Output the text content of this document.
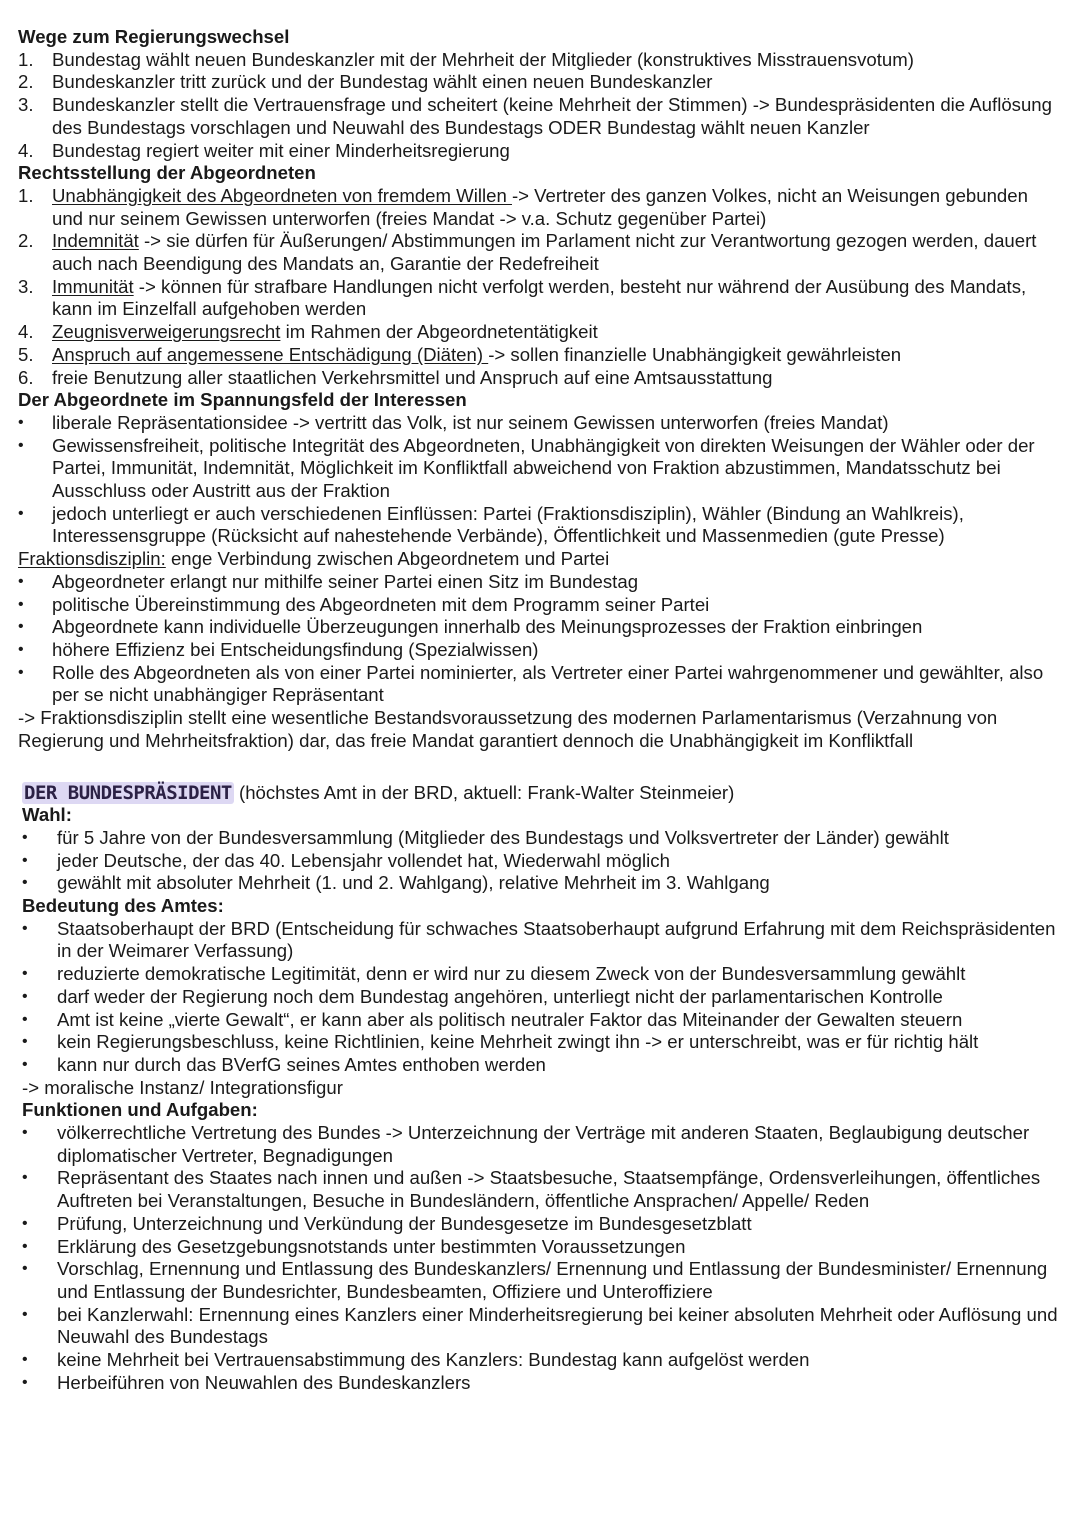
Wege zum Regierungswechsel
1. Bundestag wählt neuen Bundeskanzler mit der Mehrheit der Mitglieder (konstruktives Misstrauensvotum)
2. Bundeskanzler tritt zurück und der Bundestag wählt einen neuen Bundeskanzler
3. Bundeskanzler stellt die Vertrauensfrage und scheitert (keine Mehrheit der Stimmen) -> Bundespräsidenten die Auflösung des Bundestags vorschlagen und Neuwahl des Bundestags ODER Bundestag wählt neuen Kanzler
4. Bundestag regiert weiter mit einer Minderheitsregierung
Rechtsstellung der Abgeordneten
1. Unabhängigkeit des Abgeordneten von fremdem Willen -> Vertreter des ganzen Volkes, nicht an Weisungen gebunden und nur seinem Gewissen unterworfen (freies Mandat -> v.a. Schutz gegenüber Partei)
2. Indemnität -> sie dürfen für Äußerungen/ Abstimmungen im Parlament nicht zur Verantwortung gezogen werden, dauert auch nach Beendigung des Mandats an, Garantie der Redefreiheit
3. Immunität -> können für strafbare Handlungen nicht verfolgt werden, besteht nur während der Ausübung des Mandats, kann im Einzelfall aufgehoben werden
4. Zeugnisverweigerungsrecht im Rahmen der Abgeordnetentätigkeit
5. Anspruch auf angemessene Entschädigung (Diäten) -> sollen finanzielle Unabhängigkeit gewährleisten
6. freie Benutzung aller staatlichen Verkehrsmittel und Anspruch auf eine Amtsausstattung
Der Abgeordnete im Spannungsfeld der Interessen
•	liberale Repräsentationsidee -> vertritt das Volk, ist nur seinem Gewissen unterworfen (freies Mandat)
•	Gewissensfreiheit, politische Integrität des Abgeordneten, Unabhängigkeit von direkten Weisungen der Wähler oder der Partei, Immunität, Indemnität, Möglichkeit im Konfliktfall abweichend von Fraktion abzustimmen, Mandatsschutz bei Ausschluss oder Austritt aus der Fraktion
•	jedoch unterliegt er auch verschiedenen Einflüssen: Partei (Fraktionsdisziplin), Wähler (Bindung an Wahlkreis), Interessensgruppe (Rücksicht auf nahestehende Verbände), Öffentlichkeit und Massenmedien (gute Presse)
Fraktionsdisziplin: enge Verbindung zwischen Abgeordnetem und Partei
•	Abgeordneter erlangt nur mithilfe seiner Partei einen Sitz im Bundestag
•	politische Übereinstimmung des Abgeordneten mit dem Programm seiner Partei
•	Abgeordnete kann individuelle Überzeugungen innerhalb des Meinungsprozesses der Fraktion einbringen
•	höhere Effizienz bei Entscheidungsfindung (Spezialwissen)
•	Rolle des Abgeordneten als von einer Partei nominierter, als Vertreter einer Partei wahrgenommener und gewählter, also per se nicht unabhängiger Repräsentant
-> Fraktionsdisziplin stellt eine wesentliche Bestandsvoraussetzung des modernen Parlamentarismus (Verzahnung von Regierung und Mehrheitsfraktion) dar, das freie Mandat garantiert dennoch die Unabhängigkeit im Konfliktfall
DER BUNDESPRÄSIDENT (höchstes Amt in der BRD, aktuell: Frank-Walter Steinmeier)
Wahl:
•	für 5 Jahre von der Bundesversammlung (Mitglieder des Bundestags und Volksvertreter der Länder) gewählt
•	jeder Deutsche, der das 40. Lebensjahr vollendet hat, Wiederwahl möglich
•	gewählt mit absoluter Mehrheit (1. und 2. Wahlgang), relative Mehrheit im 3. Wahlgang
Bedeutung des Amtes:
•	Staatsoberhaupt der BRD (Entscheidung für schwaches Staatsoberhaupt aufgrund Erfahrung mit dem Reichspräsidenten in der Weimarer Verfassung)
•	reduzierte demokratische Legitimität, denn er wird nur zu diesem Zweck von der Bundesversammlung gewählt
•	darf weder der Regierung noch dem Bundestag angehören, unterliegt nicht der parlamentarischen Kontrolle
•	Amt ist keine „vierte Gewalt“, er kann aber als politisch neutraler Faktor das Miteinander der Gewalten steuern
•	kein Regierungsbeschluss, keine Richtlinien, keine Mehrheit zwingt ihn -> er unterschreibt, was er für richtig hält
•	kann nur durch das BVerfG seines Amtes enthoben werden
-> moralische Instanz/ Integrationsfigur
Funktionen und Aufgaben:
•	völkerrechtliche Vertretung des Bundes -> Unterzeichnung der Verträge mit anderen Staaten, Beglaubigung deutscher diplomatischer Vertreter, Begnadigungen
•	Repräsentant des Staates nach innen und außen -> Staatsbesuche, Staatsempfänge, Ordensverleihungen, öffentliches Auftreten bei Veranstaltungen, Besuche in Bundesländern, öffentliche Ansprachen/ Appelle/ Reden
•	Prüfung, Unterzeichnung und Verkündung der Bundesgesetze im Bundesgesetzblatt
•	Erklärung des Gesetzgebungsnotstands unter bestimmten Voraussetzungen
•	Vorschlag, Ernennung und Entlassung des Bundeskanzlers/ Ernennung und Entlassung der Bundesminister/ Ernennung und Entlassung der Bundesrichter, Bundesbeamten, Offiziere und Unteroffiziere
•	bei Kanzlerwahl: Ernennung eines Kanzlers einer Minderheitsregierung bei keiner absoluten Mehrheit oder Auflösung und Neuwahl des Bundestags
•	keine Mehrheit bei Vertrauensabstimmung des Kanzlers: Bundestag kann aufgelöst werden
•	Herbeiführen von Neuwahlen des Bundeskanzlers
